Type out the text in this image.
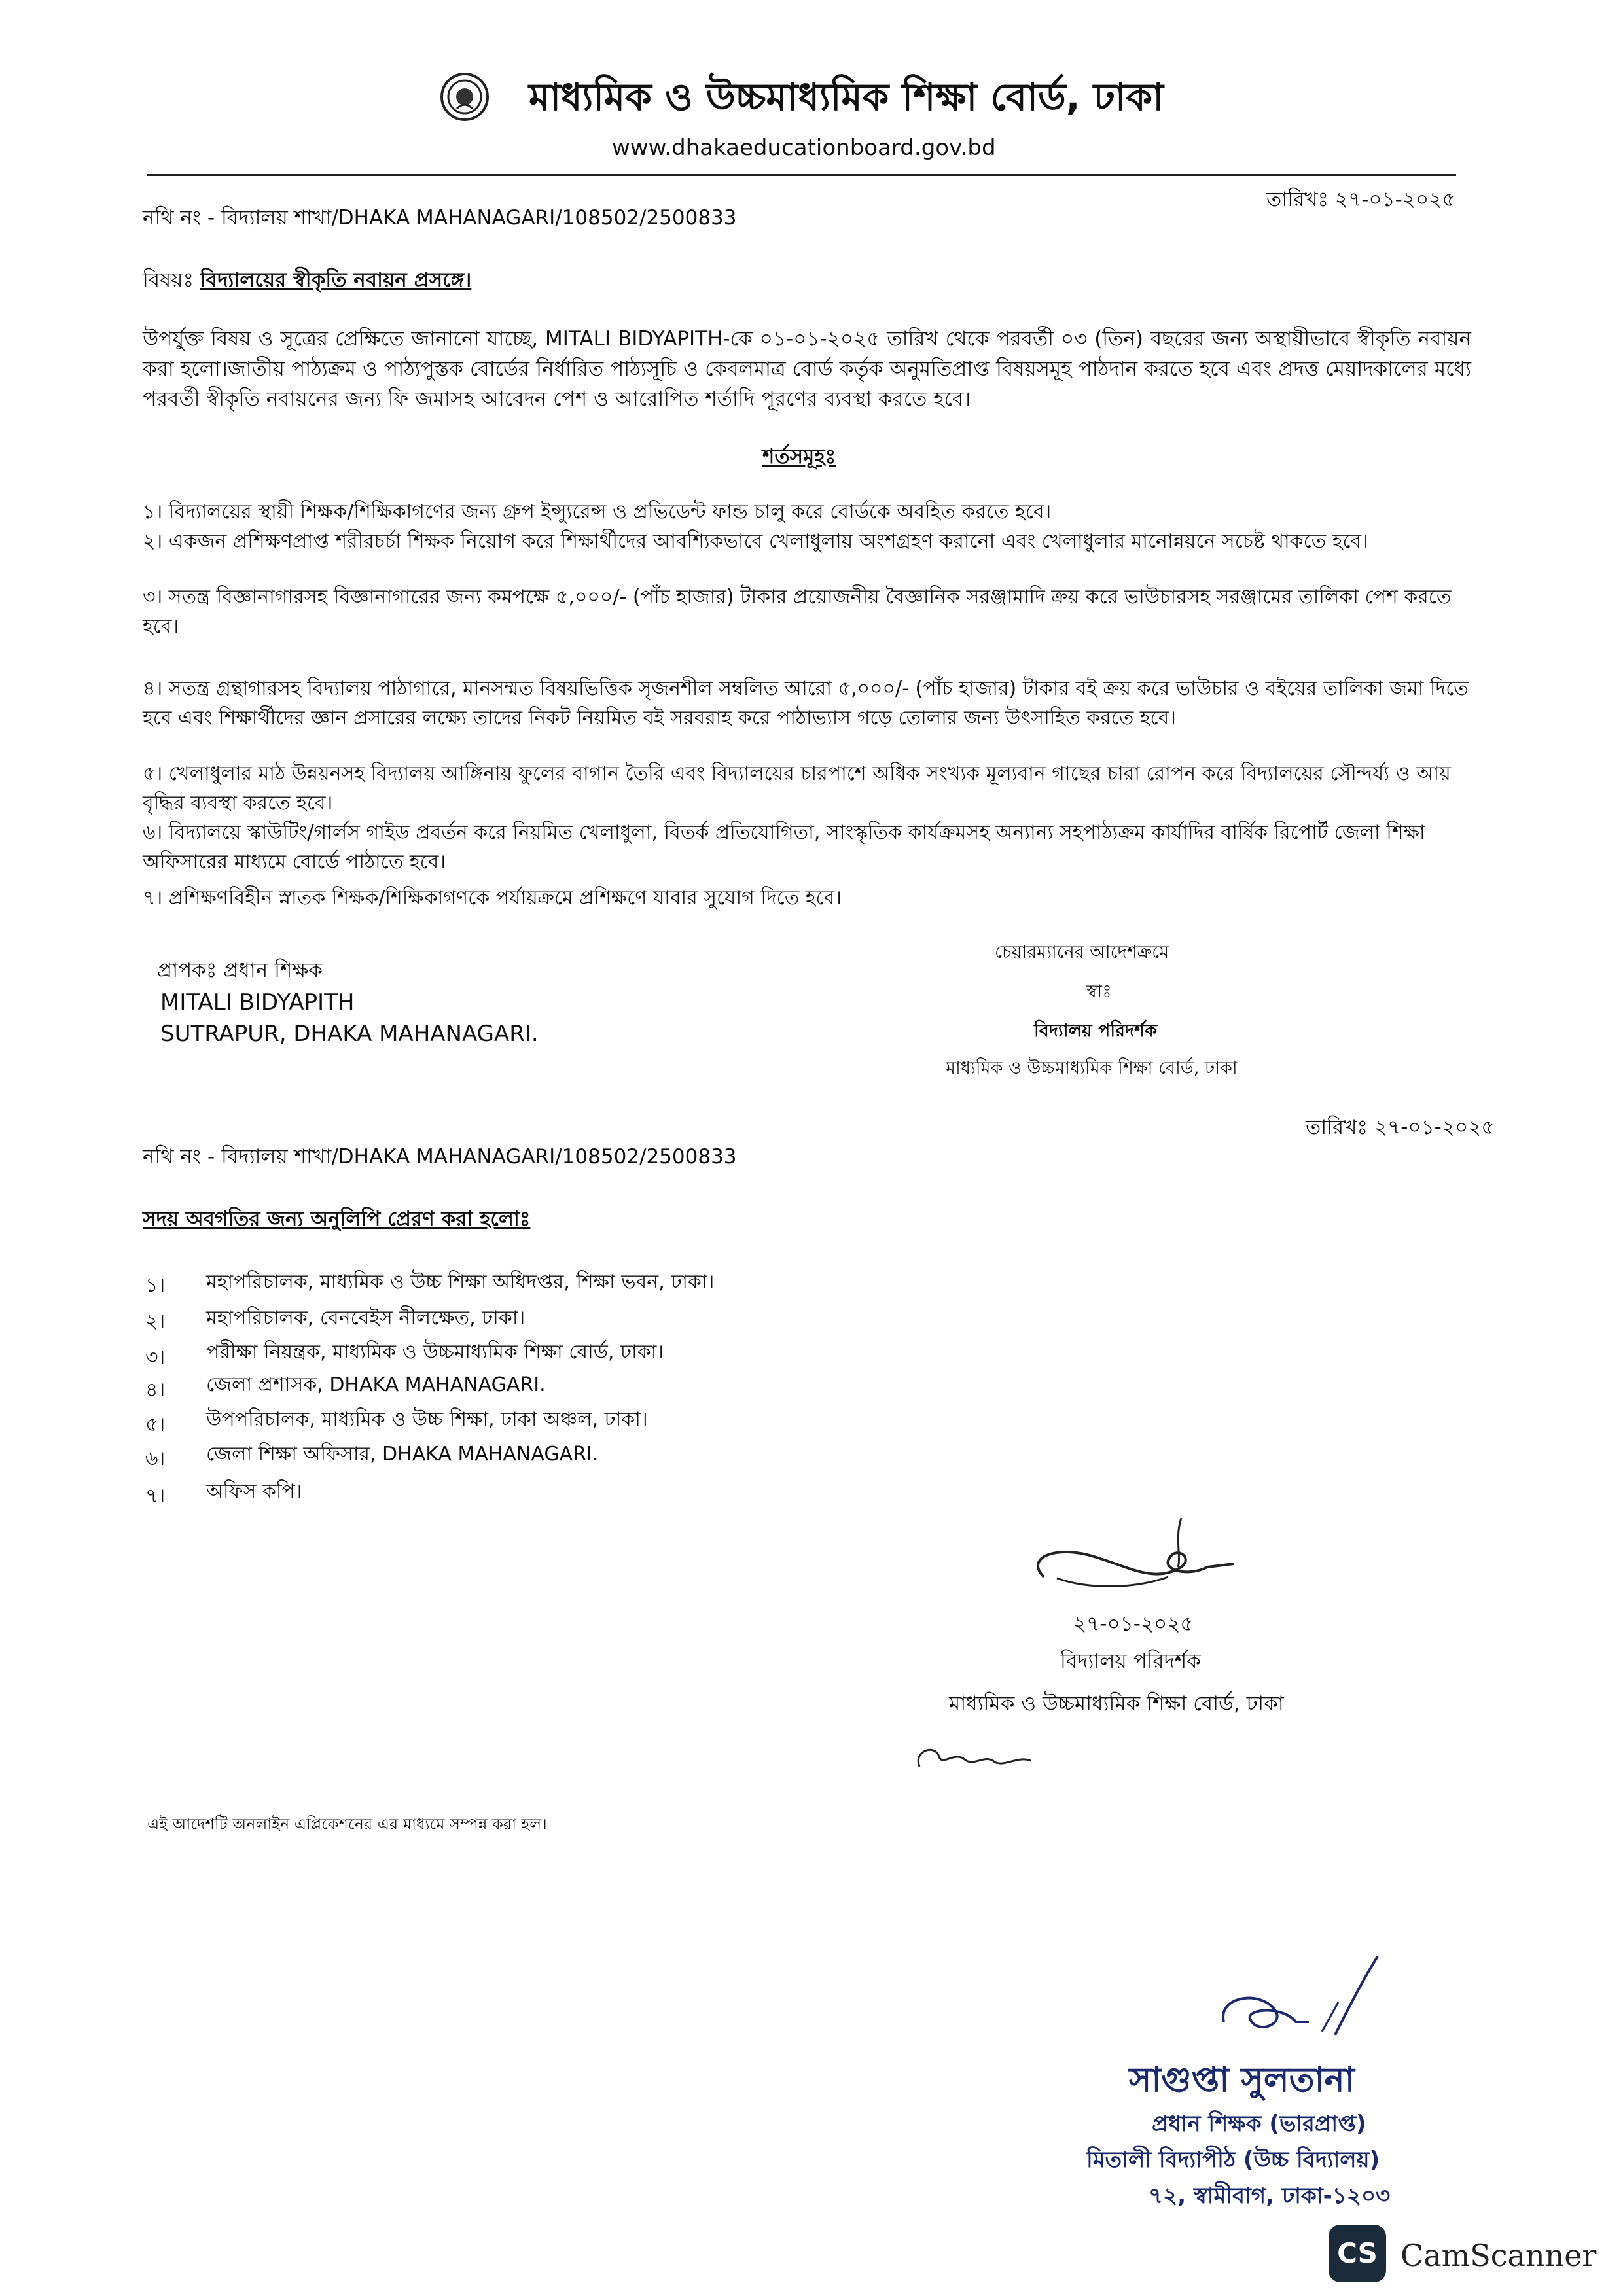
মাধ্যমিক ও উচ্চমাধ্যমিক শিক্ষা বোর্ড, ঢাকা
www.dhakaeducationboard.gov.bd
তারিখঃ ২৭-০১-২০২৫
নথি নং - বিদ্যালয় শাখা/DHAKA MAHANAGARI/108502/2500833
বিষয়ঃ বিদ্যালয়ের স্বীকৃতি নবায়ন প্রসঙ্গে।
উপর্যুক্ত বিষয় ও সূত্রের প্রেক্ষিতে জানানো যাচ্ছে, MITALI BIDYAPITH-কে ০১-০১-২০২৫ তারিখ থেকে পরবর্তী ০৩ (তিন) বছরের জন্য অস্থায়ীভাবে স্বীকৃতি নবায়ন করা হলো।জাতীয় পাঠ্যক্রম ও পাঠ্যপুস্তক বোর্ডের নির্ধারিত পাঠ্যসূচি ও কেবলমাত্র বোর্ড কর্তৃক অনুমতিপ্রাপ্ত বিষয়সমূহ পাঠদান করতে হবে এবং প্রদত্ত মেয়াদকালের মধ্যে পরবর্তী স্বীকৃতি নবায়নের জন্য ফি জমাসহ আবেদন পেশ ও আরোপিত শর্তাদি পূরণের ব্যবস্থা করতে হবে।
শর্তসমূহঃ
১। বিদ্যালয়ের স্থায়ী শিক্ষক/শিক্ষিকাগণের জন্য গ্রুপ ইন্স্যুরেন্স ও প্রভিডেন্ট ফান্ড চালু করে বোর্ডকে অবহিত করতে হবে।
২। একজন প্রশিক্ষণপ্রাপ্ত শরীরচর্চা শিক্ষক নিয়োগ করে শিক্ষার্থীদের আবশ্যিকভাবে খেলাধুলায় অংশগ্রহণ করানো এবং খেলাধুলার মানোন্নয়নে সচেষ্ট থাকতে হবে।
৩। সতন্ত্র বিজ্ঞানাগারসহ বিজ্ঞানাগারের জন্য কমপক্ষে ৫,০০০/- (পাঁচ হাজার) টাকার প্রয়োজনীয় বৈজ্ঞানিক সরঞ্জামাদি ক্রয় করে ভাউচারসহ সরঞ্জামের তালিকা পেশ করতে হবে।
৪। সতন্ত্র গ্রন্থাগারসহ বিদ্যালয় পাঠাগারে, মানসম্মত বিষয়ভিত্তিক সৃজনশীল সম্বলিত আরো ৫,০০০/- (পাঁচ হাজার) টাকার বই ক্রয় করে ভাউচার ও বইয়ের তালিকা জমা দিতে হবে এবং শিক্ষার্থীদের জ্ঞান প্রসারের লক্ষ্যে তাদের নিকট নিয়মিত বই সরবরাহ করে পাঠাভ্যাস গড়ে তোলার জন্য উৎসাহিত করতে হবে।
৫। খেলাধুলার মাঠ উন্নয়নসহ বিদ্যালয় আঙ্গিনায় ফুলের বাগান তৈরি এবং বিদ্যালয়ের চারপাশে অধিক সংখ্যক মূল্যবান গাছের চারা রোপন করে বিদ্যালয়ের সৌন্দর্য্য ও আয় বৃদ্ধির ব্যবস্থা করতে হবে।
৬। বিদ্যালয়ে স্কাউটিং/গার্লস গাইড প্রবর্তন করে নিয়মিত খেলাধুলা, বিতর্ক প্রতিযোগিতা, সাংস্কৃতিক কার্যক্রমসহ অন্যান্য সহপাঠ্যক্রম কার্যাদির বার্ষিক রিপোর্ট জেলা শিক্ষা অফিসারের মাধ্যমে বোর্ডে পাঠাতে হবে।
৭। প্রশিক্ষণবিহীন স্নাতক শিক্ষক/শিক্ষিকাগণকে পর্যায়ক্রমে প্রশিক্ষণে যাবার সুযোগ দিতে হবে।
প্রাপকঃ প্রধান শিক্ষক
MITALI BIDYAPITH
SUTRAPUR, DHAKA MAHANAGARI.
চেয়ারম্যানের আদেশক্রমে
স্বাঃ
বিদ্যালয় পরিদর্শক
মাধ্যমিক ও উচ্চমাধ্যমিক শিক্ষা বোর্ড, ঢাকা
তারিখঃ ২৭-০১-২০২৫
নথি নং - বিদ্যালয় শাখা/DHAKA MAHANAGARI/108502/2500833
সদয় অবগতির জন্য অনুলিপি প্রেরণ করা হলোঃ
১। মহাপরিচালক, মাধ্যমিক ও উচ্চ শিক্ষা অধিদপ্তর, শিক্ষা ভবন, ঢাকা।
২। মহাপরিচালক, বেনবেইস নীলক্ষেত, ঢাকা।
৩। পরীক্ষা নিয়ন্ত্রক, মাধ্যমিক ও উচ্চমাধ্যমিক শিক্ষা বোর্ড, ঢাকা।
৪। জেলা প্রশাসক, DHAKA MAHANAGARI.
৫। উপপরিচালক, মাধ্যমিক ও উচ্চ শিক্ষা, ঢাকা অঞ্চল, ঢাকা।
৬। জেলা শিক্ষা অফিসার, DHAKA MAHANAGARI.
৭। অফিস কপি।
২৭-০১-২০২৫
বিদ্যালয় পরিদর্শক
মাধ্যমিক ও উচ্চমাধ্যমিক শিক্ষা বোর্ড, ঢাকা
এই আদেশটি অনলাইন এপ্লিকেশনের এর মাধ্যমে সম্পন্ন করা হল।
সাগুপ্তা সুলতানা
প্রধান শিক্ষক (ভারপ্রাপ্ত)
মিতালী বিদ্যাপীঠ (উচ্চ বিদ্যালয়)
৭২, স্বামীবাগ, ঢাকা-১২০৩
CS CamScanner
